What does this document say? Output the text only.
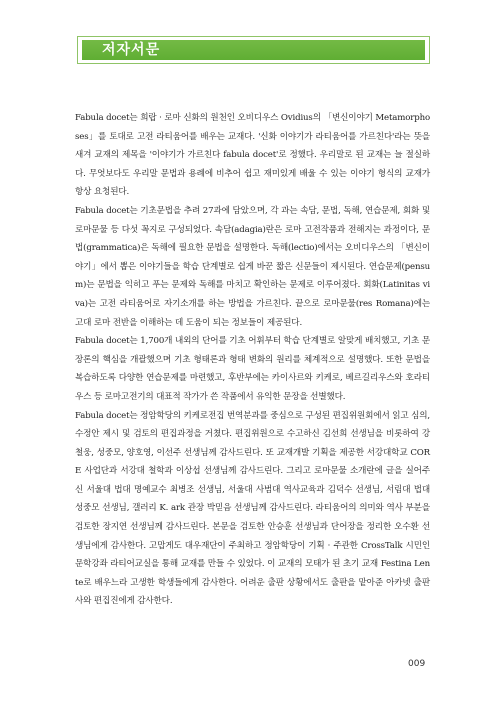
저자서문

Fabula docet는 희랍 · 로마 신화의 원천인 오비디우스 Ovidius의 「변신이야기 Metamorphoses」를 토대로 고전 라티움어를 배우는 교재다. '신화 이야기가 라티움어를 가르친다'라는 뜻을 새겨 교재의 제목을 '이야기가 가르친다 fabula docet'로 정했다. 우리말로 된 교재는 늘 절실하다. 무엇보다도 우리말 문법과 용례에 비추어 쉽고 재미있게 배울 수 있는 이야기 형식의 교재가 항상 요청된다.

Fabula docet는 기초문법을 추려 27과에 담았으며, 각 과는 속담, 문법, 독해, 연습문제, 회화 및 로마문물 등 다섯 꼭지로 구성되었다. 속담(adagia)란은 로마 고전작품과 전해지는 과정이다, 문법(grammatica)은 독해에 필요한 문법을 설명한다. 독해(lectio)에서는 오비디우스의 「변신이야기」에서 뽑은 이야기들을 학습 단계별로 쉽게 바꾼 짧은 신문들이 제시된다. 연습문제(pensum)는 문법을 익히고 푸는 문제와 독해를 마치고 확인하는 문제로 이루어졌다. 회화(Latinitas viva)는 고전 라티움어로 자기소개를 하는 방법을 가르친다. 끝으로 로마문물(res Romana)에는 고대 로마 전반을 이해하는 데 도움이 되는 정보들이 제공된다.

Fabula docet는 1,700개 내외의 단어를 기초 어휘부터 학습 단계별로 알맞게 배치했고, 기초 문장론의 핵심을 개괄했으며 기초 형태론과 형태 변화의 원리를 체계적으로 설명했다. 또한 문법을 복습하도록 다양한 연습문제를 마련했고, 후반부에는 카이사르와 키케로, 베르길리우스와 호라티우스 등 로마고전기의 대표적 작가가 쓴 작품에서 유익한 문장을 선별했다.

Fabula docet는 정암학당의 키케로전집 번역분과를 중심으로 구성된 편집위원회에서 읽고 심의, 수정안 제시 및 검토의 편집과정을 거쳤다. 편집위원으로 수고하신 김선희 선생님을 비롯하여 강철웅, 성중모, 양호영, 이선주 선생님께 감사드린다. 또 교재개발 기획을 제공한 서강대학교 CORE 사업단과 서강대 철학과 이상섭 선생님께 감사드린다. 그리고 로마문물 소개란에 글을 실어주신 서울대 법대 명예교수 최병조 선생님, 서울대 사범대 역사교육과 김덕수 선생님, 서림대 법대 성중모 선생님, 갤러리 K. ark 관장 박믿음 선생님께 감사드린다. 라티움어의 의미와 역사 부분을 검토한 장지연 선생님께 감사드린다. 본문을 검토한 안승훈 선생님과 단어장을 정리한 오수환 선생님에게 감사한다. 고맙게도 대우재단이 주최하고 정암학당이 기획 · 주관한 CrossTalk 시민인문학강좌 라티어교실을 통해 교재를 만들 수 있었다. 이 교재의 모태가 된 초기 교재 Festina Lente로 배우느라 고생한 학생들에게 감사한다. 어려운 출판 상황에서도 출판을 맡아준 아카넷 출판사와 편집진에게 감사한다.

009
